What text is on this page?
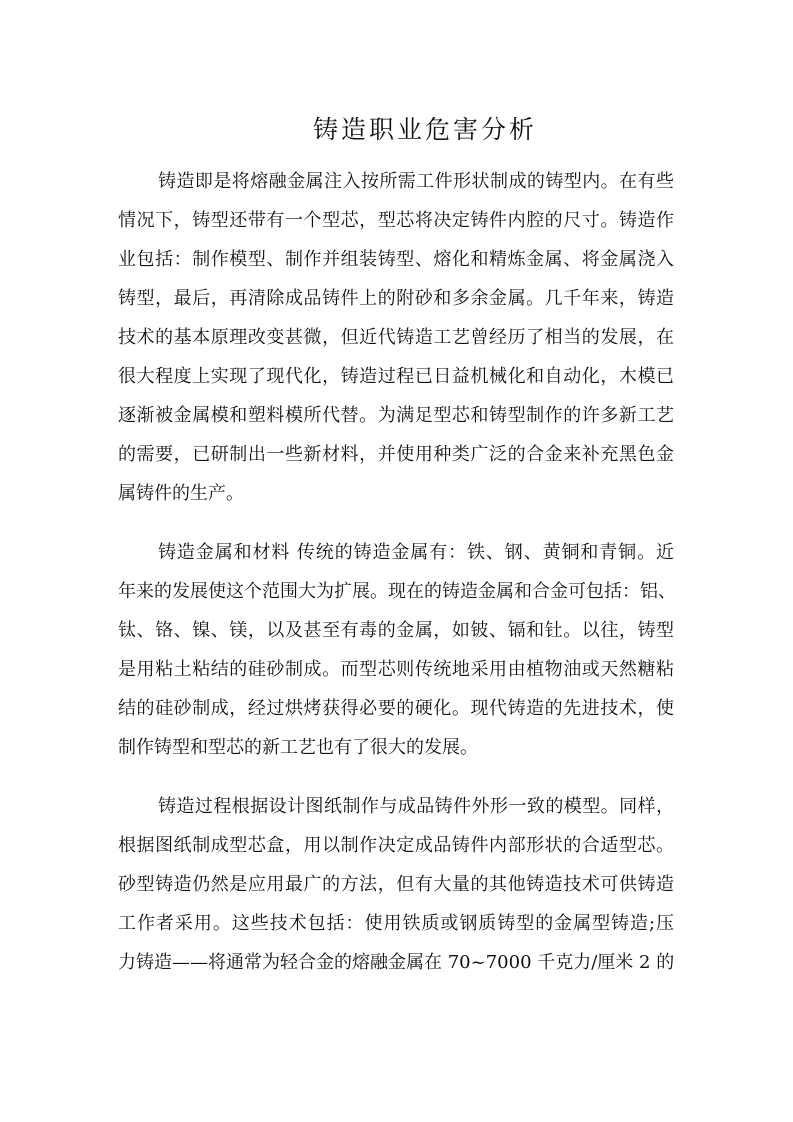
铸造职业危害分析
铸造即是将熔融金属注入按所需工件形状制成的铸型内。在有些
情况下，铸型还带有一个型芯，型芯将决定铸件内腔的尺寸。铸造作
业包括：制作模型、制作并组装铸型、熔化和精炼金属、将金属浇入
铸型，最后，再清除成品铸件上的附砂和多余金属。几千年来，铸造
技术的基本原理改变甚微，但近代铸造工艺曾经历了相当的发展，在
很大程度上实现了现代化，铸造过程已日益机械化和自动化，木模已
逐渐被金属模和塑料模所代替。为满足型芯和铸型制作的许多新工艺
的需要，已研制出一些新材料，并使用种类广泛的合金来补充黑色金
属铸件的生产。
铸造金属和材料 传统的铸造金属有：铁、钢、黄铜和青铜。近
年来的发展使这个范围大为扩展。现在的铸造金属和合金可包括：铝、
钛、铬、镍、镁，以及甚至有毒的金属，如铍、镉和钍。以往，铸型
是用粘土粘结的硅砂制成。而型芯则传统地采用由植物油或天然糖粘
结的硅砂制成，经过烘烤获得必要的硬化。现代铸造的先进技术，使
制作铸型和型芯的新工艺也有了很大的发展。
铸造过程根据设计图纸制作与成品铸件外形一致的模型。同样，
根据图纸制成型芯盒，用以制作决定成品铸件内部形状的合适型芯。
砂型铸造仍然是应用最广的方法，但有大量的其他铸造技术可供铸造
工作者采用。这些技术包括：使用铁质或钢质铸型的金属型铸造;压
力铸造——将通常为轻合金的熔融金属在 70~7000 千克力/厘米 2 的
